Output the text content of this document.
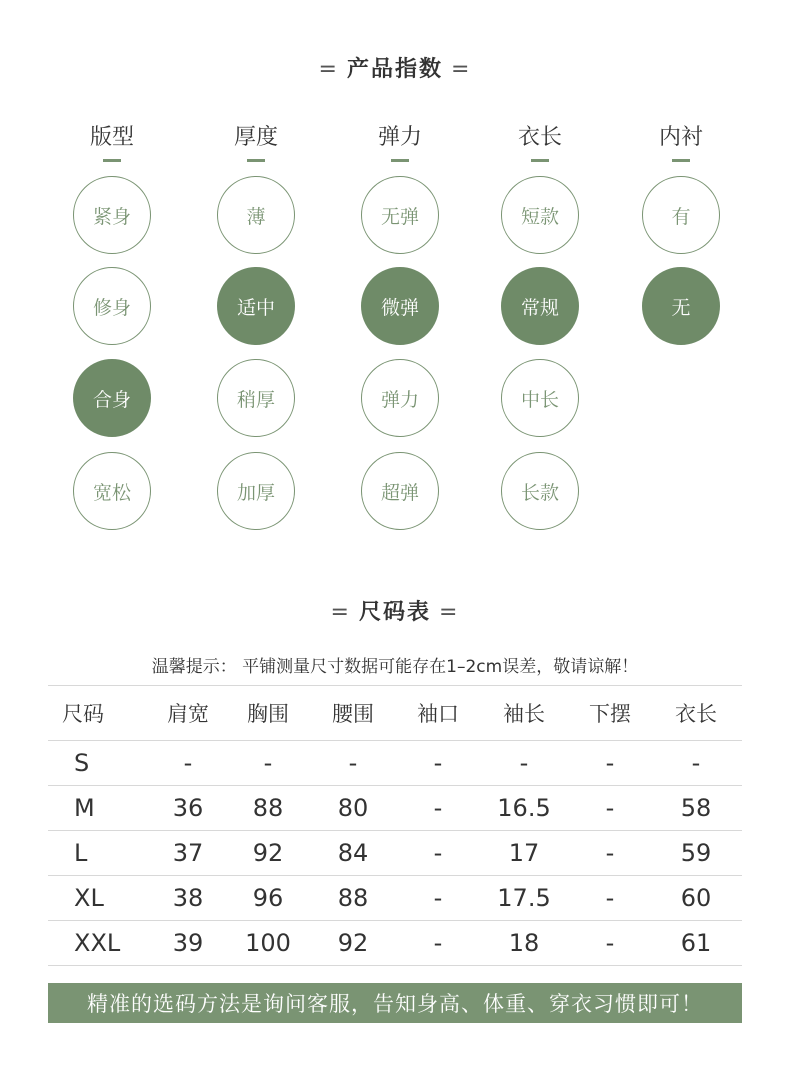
= 产品指数 =
版型
紧身
修身
合身
宽松
厚度
薄
适中
稍厚
加厚
弹力
无弹
微弹
弹力
超弹
衣长
短款
常规
中长
长款
内衬
有
无
= 尺码表 =
温馨提示： 平铺测量尺寸数据可能存在1–2cm误差，敬请谅解！
尺码	肩宽	胸围	腰围	袖口	袖长	下摆	衣长
S	-	-	-	-	-	-	-
M	36	88	80	-	16.5	-	58
L	37	92	84	-	17	-	59
XL	38	96	88	-	17.5	-	60
XXL	39	100	92	-	18	-	61
精准的选码方法是询问客服，告知身高、体重、穿衣习惯即可！
